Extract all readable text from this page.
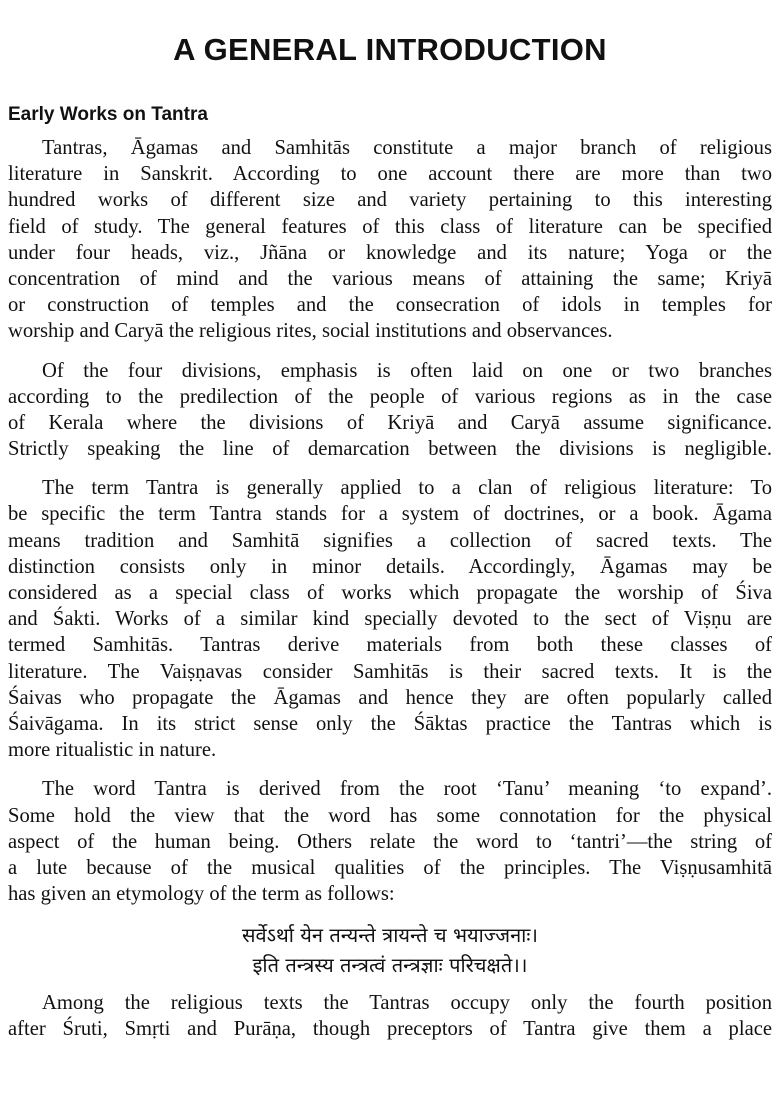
A GENERAL INTRODUCTION
Early Works on Tantra
Tantras, Āgamas and Samhitās constitute a major branch of religious
literature in Sanskrit. According to one account there are more than two
hundred works of different size and variety pertaining to this interesting
field of study. The general features of this class of literature can be specified
under four heads, viz., Jñāna or knowledge and its nature; Yoga or the
concentration of mind and the various means of attaining the same; Kriyā
or construction of temples and the consecration of idols in temples for
worship and Caryā the religious rites, social institutions and observances.
Of the four divisions, emphasis is often laid on one or two branches
according to the predilection of the people of various regions as in the case
of Kerala where the divisions of Kriyā and Caryā assume significance.
Strictly speaking the line of demarcation between the divisions is negligible.
The term Tantra is generally applied to a clan of religious literature: To
be specific the term Tantra stands for a system of doctrines, or a book. Āgama
means tradition and Samhitā signifies a collection of sacred texts. The
distinction consists only in minor details. Accordingly, Āgamas may be
considered as a special class of works which propagate the worship of Śiva
and Śakti. Works of a similar kind specially devoted to the sect of Viṣṇu are
termed Samhitās. Tantras derive materials from both these classes of
literature. The Vaiṣṇavas consider Samhitās is their sacred texts. It is the
Śaivas who propagate the Āgamas and hence they are often popularly called
Śaivāgama. In its strict sense only the Śāktas practice the Tantras which is
more ritualistic in nature.
The word Tantra is derived from the root ‘Tanu’ meaning ‘to expand’.
Some hold the view that the word has some connotation for the physical
aspect of the human being. Others relate the word to ‘tantri’—the string of
a lute because of the musical qualities of the principles. The Viṣṇusamhitā
has given an etymology of the term as follows:
सर्वेऽर्था येन तन्यन्ते त्रायन्ते च भयाज्जनाः।
इति तन्त्रस्य तन्त्रत्वं तन्त्रज्ञाः परिचक्षते।।
Among the religious texts the Tantras occupy only the fourth position
after Śruti, Smṛti and Purāṇa, though preceptors of Tantra give them a place
